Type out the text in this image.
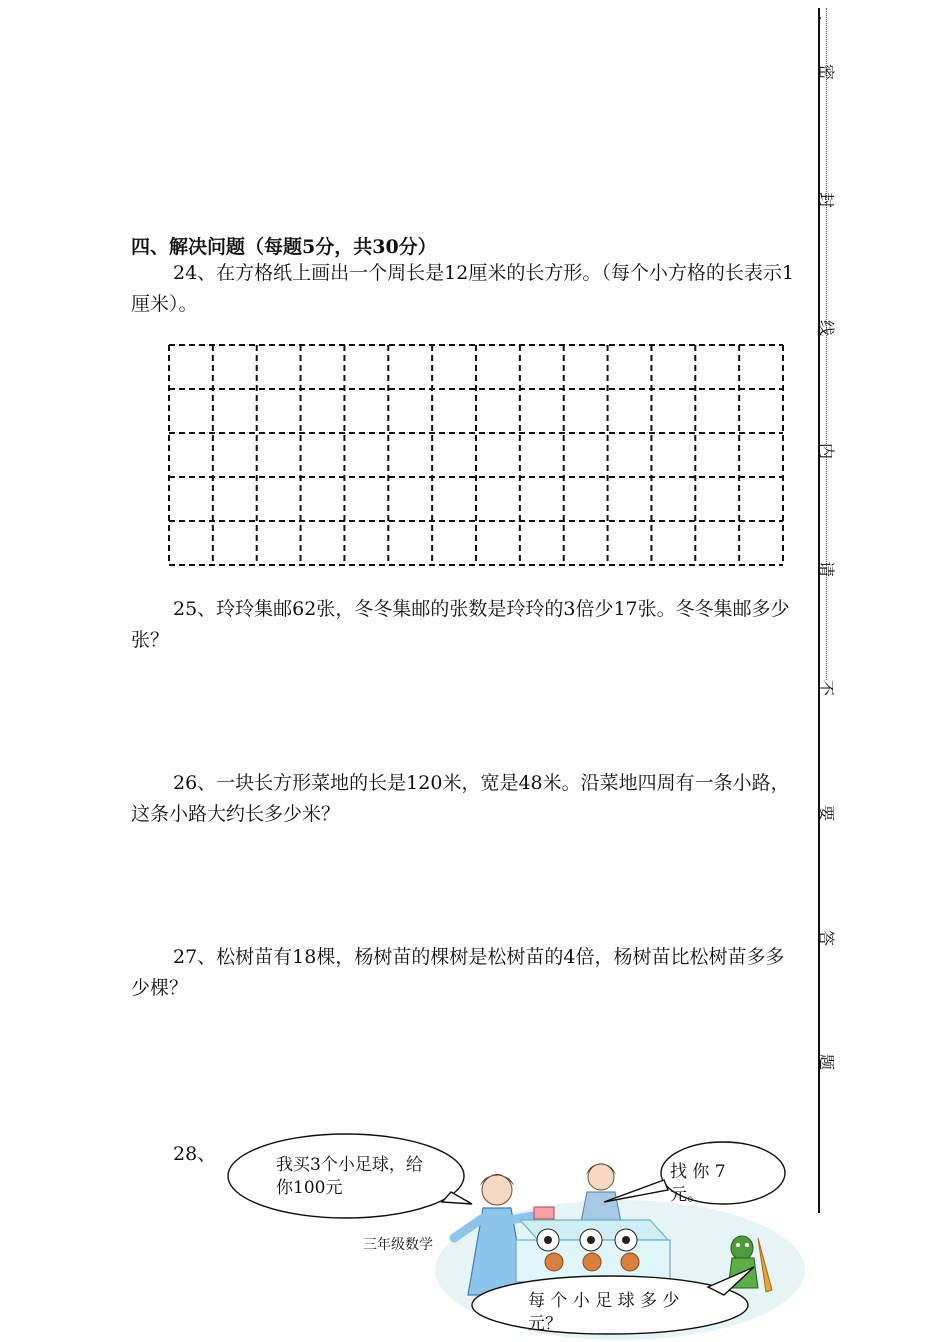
.
密
封
线
内
请
不
要
答
题
四、解决问题（每题5分，共30分）
24、在方格纸上画出一个周长是12厘米的长方形。（每个小方格的长表示1厘米）。
25、玲玲集邮62张，冬冬集邮的张数是玲玲的3倍少17张。冬冬集邮多少张？
26、一块长方形菜地的长是120米，宽是48米。沿菜地四周有一条小路，这条小路大约长多少米？
27、松树苗有18棵，杨树苗的棵树是松树苗的4倍，杨树苗比松树苗多多少棵？
28、	我买3个小足球，给你100元
找 你 7 元。
每 个 小 足 球 多 少 元？
三年级数学
